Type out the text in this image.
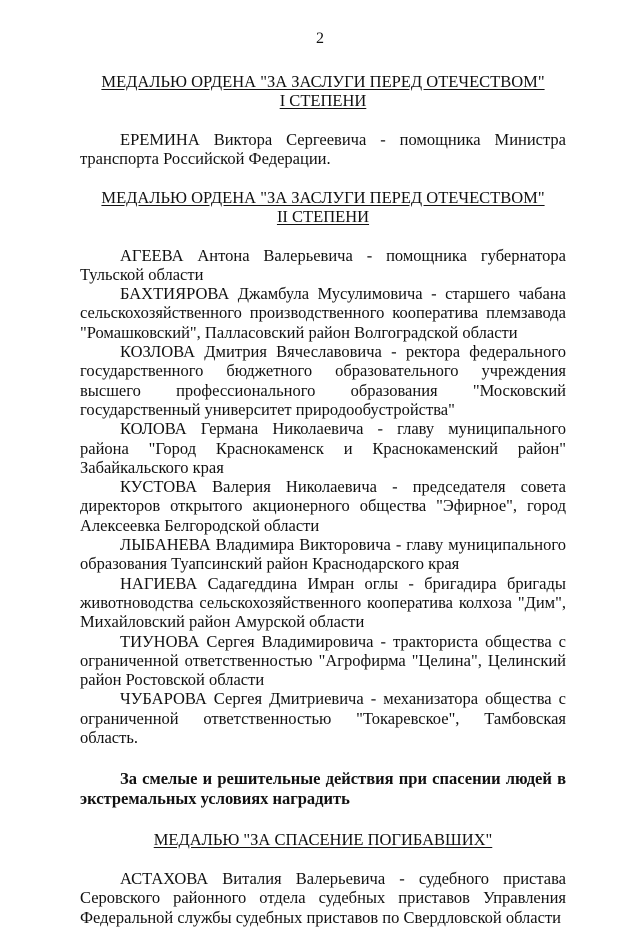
2
МЕДАЛЬЮ ОРДЕНА "ЗА ЗАСЛУГИ ПЕРЕД ОТЕЧЕСТВОМ"
I СТЕПЕНИ

ЕРЕМИНА Виктора Сергеевича - помощника Министра транспорта Российской Федерации.

МЕДАЛЬЮ ОРДЕНА "ЗА ЗАСЛУГИ ПЕРЕД ОТЕЧЕСТВОМ"
II СТЕПЕНИ

АГЕЕВА Антона Валерьевича - помощника губернатора Тульской области

БАХТИЯРОВА Джамбула Мусулимовича - старшего чабана сельскохозяйственного производственного кооператива племзавода "Ромашковский", Палласовский район Волгоградской области

КОЗЛОВА Дмитрия Вячеславовича - ректора федерального государственного бюджетного образовательного учреждения высшего профессионального образования "Московский государственный университет природообустройства"

КОЛОВА Германа Николаевича - главу муниципального района "Город Краснокаменск и Краснокаменский район" Забайкальского края

КУСТОВА Валерия Николаевича - председателя совета директоров открытого акционерного общества "Эфирное", город Алексеевка Белгородской области

ЛЫБАНЕВА Владимира Викторовича - главу муниципального образования Туапсинский район Краснодарского края

НАГИЕВА Садагеддина Имран оглы - бригадира бригады животноводства сельскохозяйственного кооператива колхоза "Дим", Михайловский район Амурской области

ТИУНОВА Сергея Владимировича - тракториста общества с ограниченной ответственностью "Агрофирма "Целина", Целинский район Ростовской области

ЧУБАРОВА Сергея Дмитриевича - механизатора общества с ограниченной ответственностью "Токаревское", Тамбовская область.

За смелые и решительные действия при спасении людей в экстремальных условиях наградить

МЕДАЛЬЮ "ЗА СПАСЕНИЕ ПОГИБАВШИХ"

АСТАХОВА Виталия Валерьевича - судебного пристава Серовского районного отдела судебных приставов Управления Федеральной службы судебных приставов по Свердловской области
